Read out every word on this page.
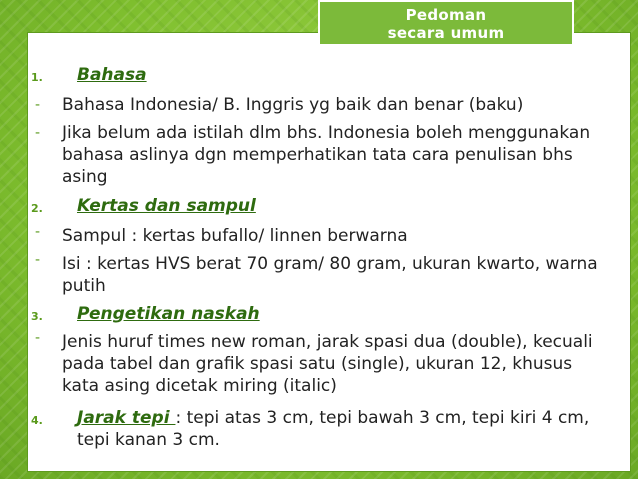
Pedoman
secara umum
1. Bahasa
- Bahasa Indonesia/ B. Inggris yg baik dan benar (baku)
- Jika belum ada istilah dlm bhs. Indonesia boleh menggunakan bahasa aslinya dgn memperhatikan tata cara penulisan bhs asing
2. Kertas dan sampul
- Sampul : kertas bufallo/ linnen berwarna
- Isi : kertas HVS berat 70 gram/ 80 gram, ukuran kwarto, warna putih
3. Pengetikan naskah
- Jenis huruf times new roman, jarak spasi dua (double), kecuali pada tabel dan grafik spasi satu (single), ukuran 12, khusus kata asing dicetak miring (italic)
4. Jarak tepi : tepi atas 3 cm, tepi bawah 3 cm, tepi kiri 4 cm, tepi kanan 3 cm.
